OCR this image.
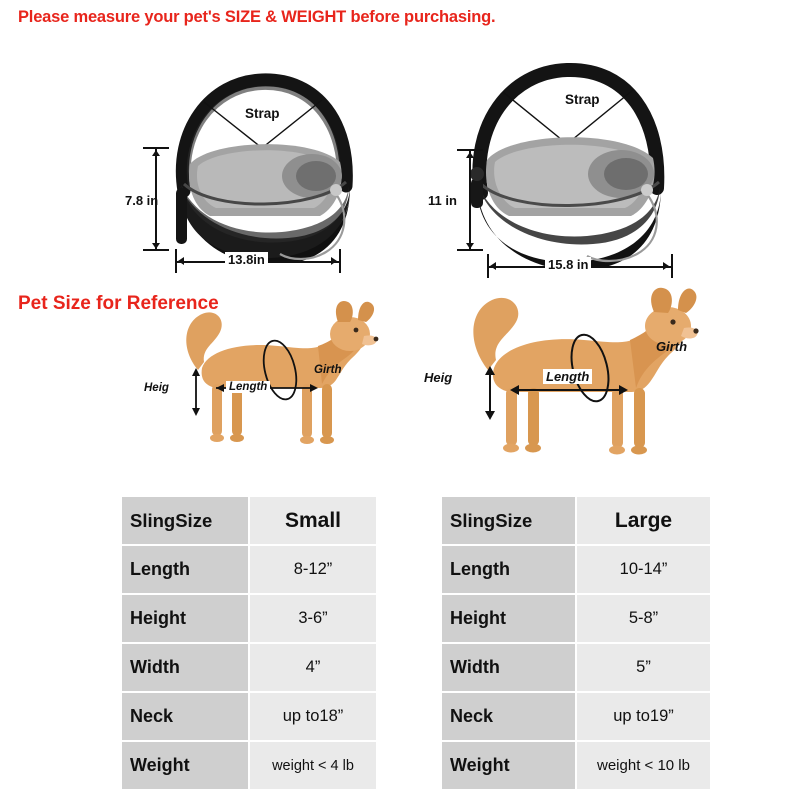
Please measure your pet's SIZE & WEIGHT before purchasing.
Pet Size for Reference
Strap
7.8 in
13.8in
Strap
11 in
15.8 in
Heig	Length
Girth	Heig	Length
Girth
SlingSize	Small
Length	8-12”
Height	3-6”
Width	4”
Neck	up to18”
Weight	weight < 4 lb
SlingSize	Large
Length	10-14”
Height	5-8”
Width	5”
Neck	up to19”
Weight	weight < 10 lb
